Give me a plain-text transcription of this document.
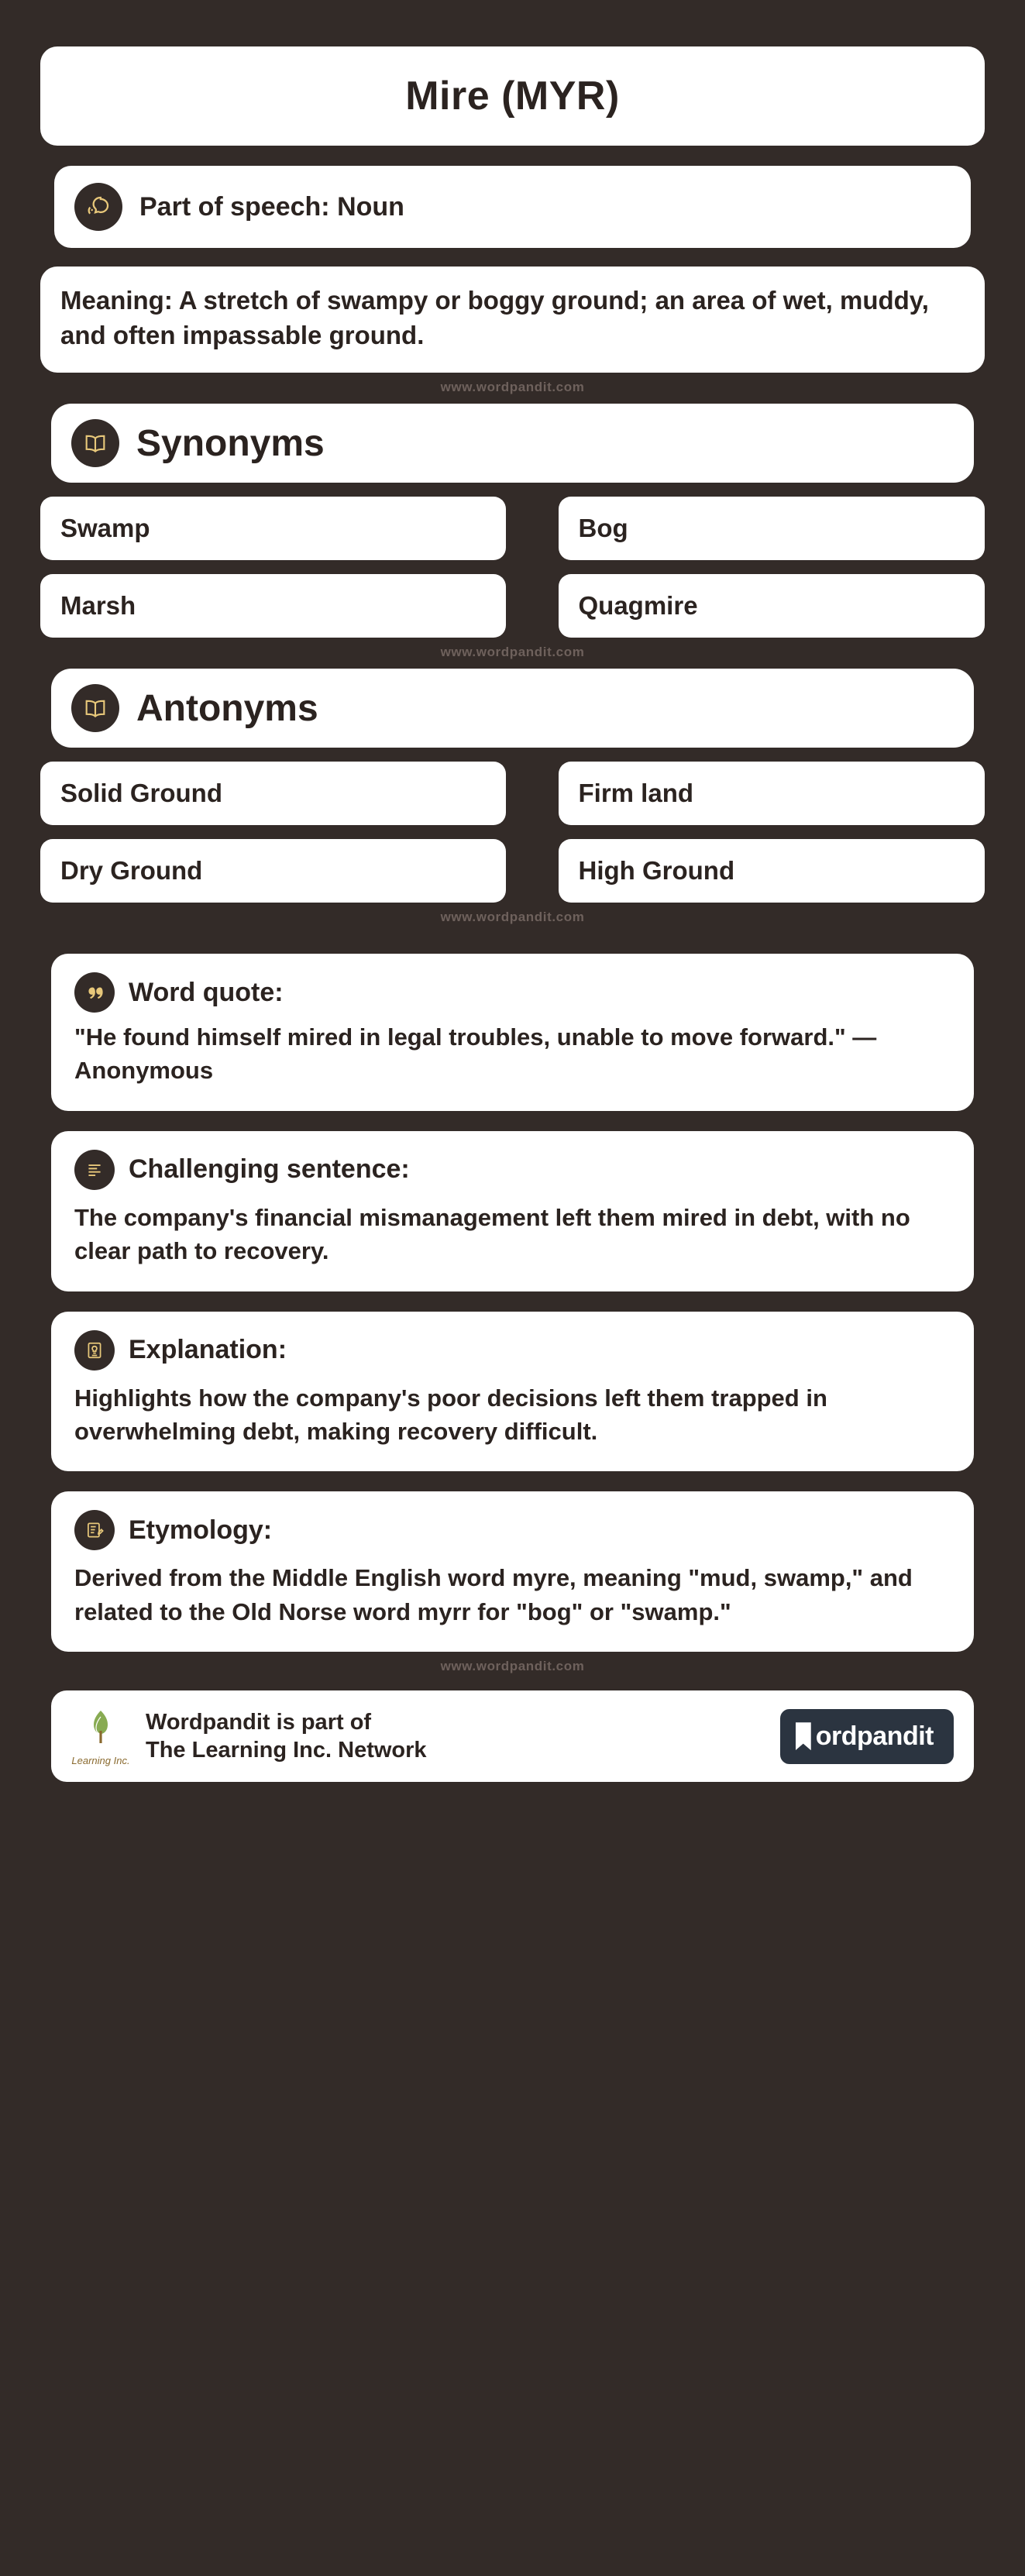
Mire (MYR)
Part of speech: Noun
Meaning: A stretch of swampy or boggy ground; an area of wet, muddy, and often impassable ground.
www.wordpandit.com
Synonyms
Swamp	Bog
Marsh	Quagmire
www.wordpandit.com
Antonyms
Solid Ground	Firm land
Dry Ground	High Ground
www.wordpandit.com
Word quote:
"He found himself mired in legal troubles, unable to move forward." — Anonymous
Challenging sentence:
The company's financial mismanagement left them mired in debt, with no clear path to recovery.
Explanation:
Highlights how the company's poor decisions left them trapped in overwhelming debt, making recovery difficult.
Etymology:
Derived from the Middle English word myre, meaning "mud, swamp," and related to the Old Norse word myrr for "bog" or "swamp."
www.wordpandit.com
Learning Inc.
Wordpandit is part of
The Learning Inc. Network	ordpandit
